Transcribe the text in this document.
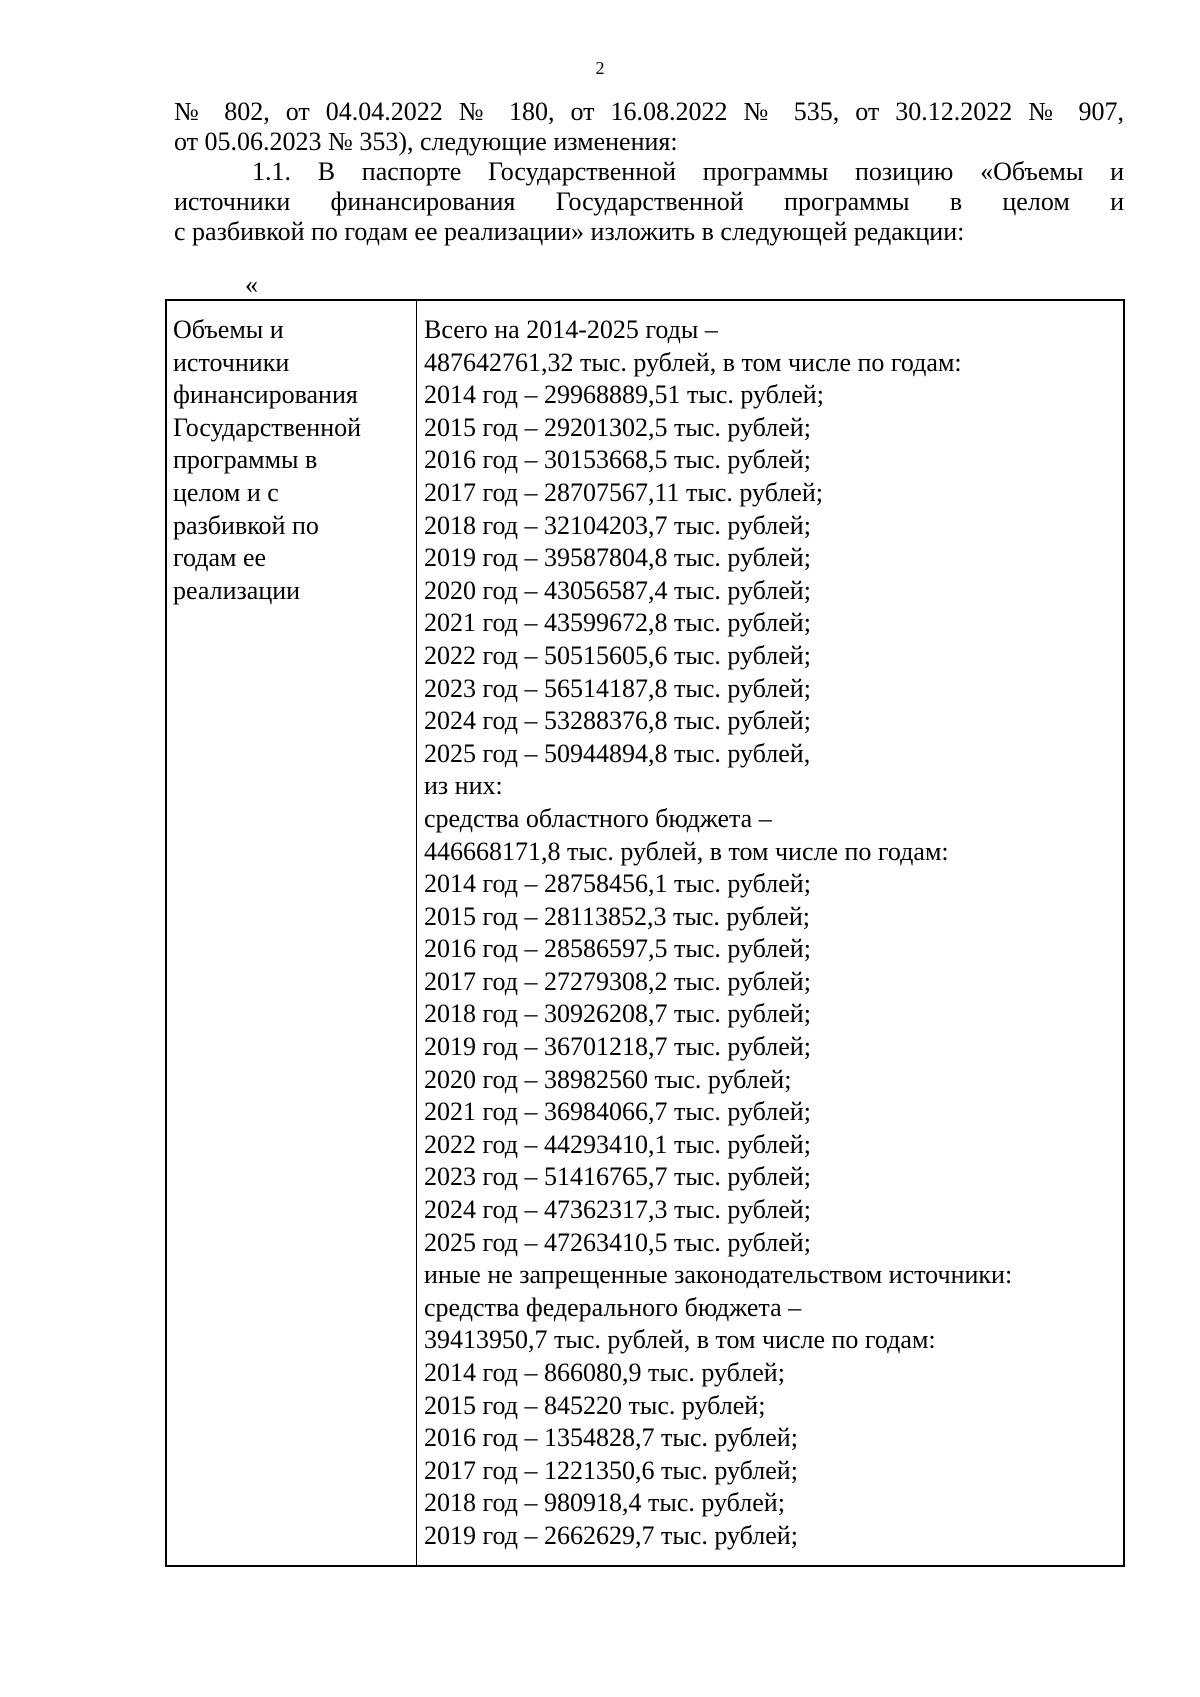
2
№ 802, от 04.04.2022 № 180, от 16.08.2022 № 535, от 30.12.2022 № 907,
от 05.06.2023 № 353), следующие изменения:
1.1. В паспорте Государственной программы позицию «Объемы и
источники финансирования Государственной программы в целом и
с разбивкой по годам ее реализации» изложить в следующей редакции:
«
Объемы и
источники
финансирования
Государственной
программы в
целом и с
разбивкой по
годам ее
реализации
Всего на 2014-2025 годы –
487642761,32 тыс. рублей, в том числе по годам:
2014 год – 29968889,51 тыс. рублей;
2015 год – 29201302,5 тыс. рублей;
2016 год – 30153668,5 тыс. рублей;
2017 год – 28707567,11 тыс. рублей;
2018 год – 32104203,7 тыс. рублей;
2019 год – 39587804,8 тыс. рублей;
2020 год – 43056587,4 тыс. рублей;
2021 год – 43599672,8 тыс. рублей;
2022 год – 50515605,6 тыс. рублей;
2023 год – 56514187,8 тыс. рублей;
2024 год – 53288376,8 тыс. рублей;
2025 год – 50944894,8 тыс. рублей,
из них:
средства областного бюджета –
446668171,8 тыс. рублей, в том числе по годам:
2014 год – 28758456,1 тыс. рублей;
2015 год – 28113852,3 тыс. рублей;
2016 год – 28586597,5 тыс. рублей;
2017 год – 27279308,2 тыс. рублей;
2018 год – 30926208,7 тыс. рублей;
2019 год – 36701218,7 тыс. рублей;
2020 год – 38982560 тыс. рублей;
2021 год – 36984066,7 тыс. рублей;
2022 год – 44293410,1 тыс. рублей;
2023 год – 51416765,7 тыс. рублей;
2024 год – 47362317,3 тыс. рублей;
2025 год – 47263410,5 тыс. рублей;
иные не запрещенные законодательством источники:
средства федерального бюджета –
39413950,7 тыс. рублей, в том числе по годам:
2014 год – 866080,9 тыс. рублей;
2015 год – 845220 тыс. рублей;
2016 год – 1354828,7 тыс. рублей;
2017 год – 1221350,6 тыс. рублей;
2018 год – 980918,4 тыс. рублей;
2019 год – 2662629,7 тыс. рублей;
